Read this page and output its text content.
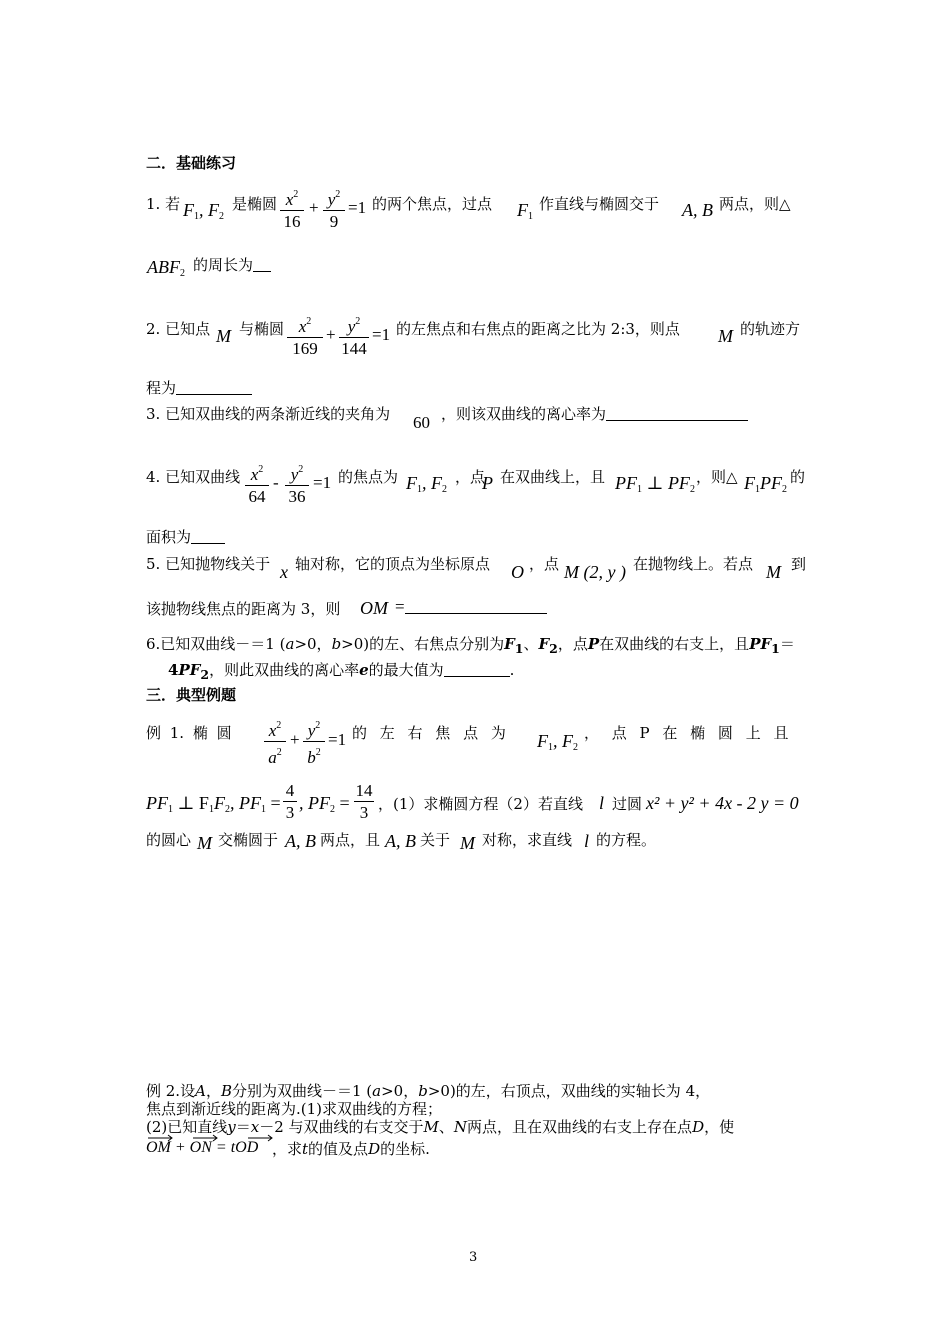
二．基础练习
1. 若 $F_1$, $F_2$
是椭圆 $x^2$
16
+ $y^2$
9
=1 的两个焦点，过点 $F_1$
作直线与椭圆交于 A, B 两点，则△
$ABF_2$ 的周长为
2. 已知点 M 与椭圆 $x^2$
169
+ $y^2$
144
=1 的左焦点和右焦点的距离之比为 2:3，则点 M 的轨迹方
程为
3. 已知双曲线的两条渐近线的夹角为 60 ，则该双曲线的离心率为
4. 已知双曲线 $x^2$
64
- $y^2$
36
=1 的焦点为 $F_1$, $F_2$
，点
P 在双曲线上，且 $PF_1$ ⊥ $PF_2$
，则△ $F_1PF_2$
的
面积为
5. 已知抛物线关于 x 轴对称，它的顶点为坐标原点 O ，点 M (2, y ) 在抛物线上。若点 M 到
该抛物线焦点的距离为 3，则 OM =
6.已知双曲线－＝1 (a>0，b>0)的左、右焦点分别为$F_1$、$F_2$，点P在双曲线的右支上，且$PF_1=$
$4PF_2$，则此双曲线的离心率e的最大值为	.
三．典型例题
例 1. 椭 圆 $x^2$
$a^2$
+ $y^2$
$b^2$
=1 的 左 右 焦 点 为 $F_1$, $F_2$
， 点 P 在 椭 圆 上 且
$PF_1$ ⊥ $F_1F_2$, $PF_1$ =
4
3 , $PF_2$ =
14
3 ，(1）求椭圆方程（2）若直线 l 过圆 x² + y² + 4x - 2 y = 0
的圆心 M 交椭圆于 A, B 两点，且 A, B 关于 M 对称，求直线 l 的方程。
例 2.设A，B分别为双曲线－＝1 (a>0，b>0)的左，右顶点，双曲线的实轴长为 4，
焦点到渐近线的距离为.(1)求双曲线的方程；
(2)已知直线y＝x－2 与双曲线的右支交于M、N两点，且在双曲线的右支上存在点D，使
OM + ON = tOD ，求t的值及点D的坐标.
3
